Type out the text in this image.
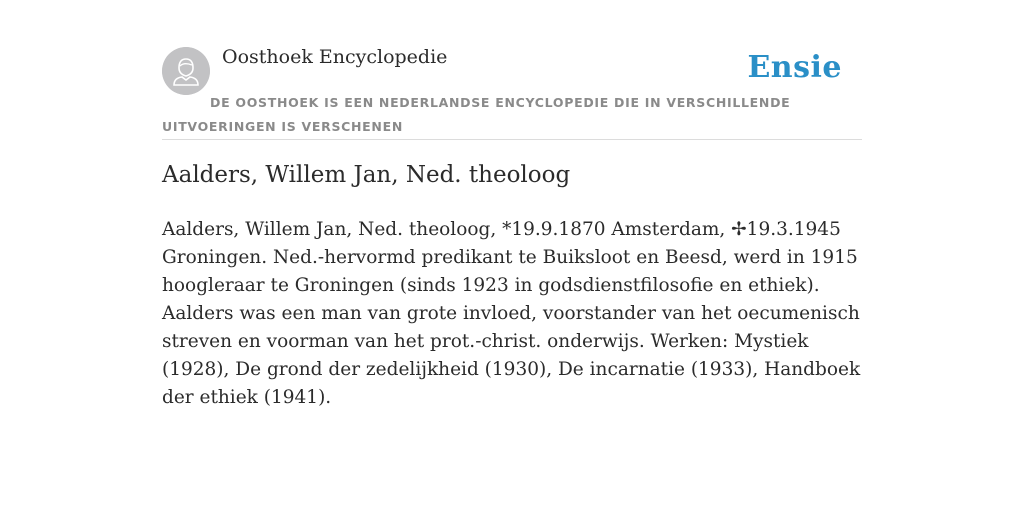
Oosthoek Encyclopedie	Ensie
DE OOSTHOEK IS EEN NEDERLANDSE ENCYCLOPEDIE DIE IN VERSCHILLENDE UITVOERINGEN IS VERSCHENEN
Aalders, Willem Jan, Ned. theoloog

Aalders, Willem Jan, Ned. theoloog, *19.9.1870 Amsterdam, ✢19.3.1945 Groningen. Ned.-hervormd predikant te Buiksloot en Beesd, werd in 1915 hoogleraar te Groningen (sinds 1923 in godsdienstfilosofie en ethiek). Aalders was een man van grote invloed, voorstander van het oecumenisch streven en voorman van het prot.-christ. onderwijs. Werken: Mystiek (1928), De grond der zedelijkheid (1930), De incarnatie (1933), Handboek der ethiek (1941).
